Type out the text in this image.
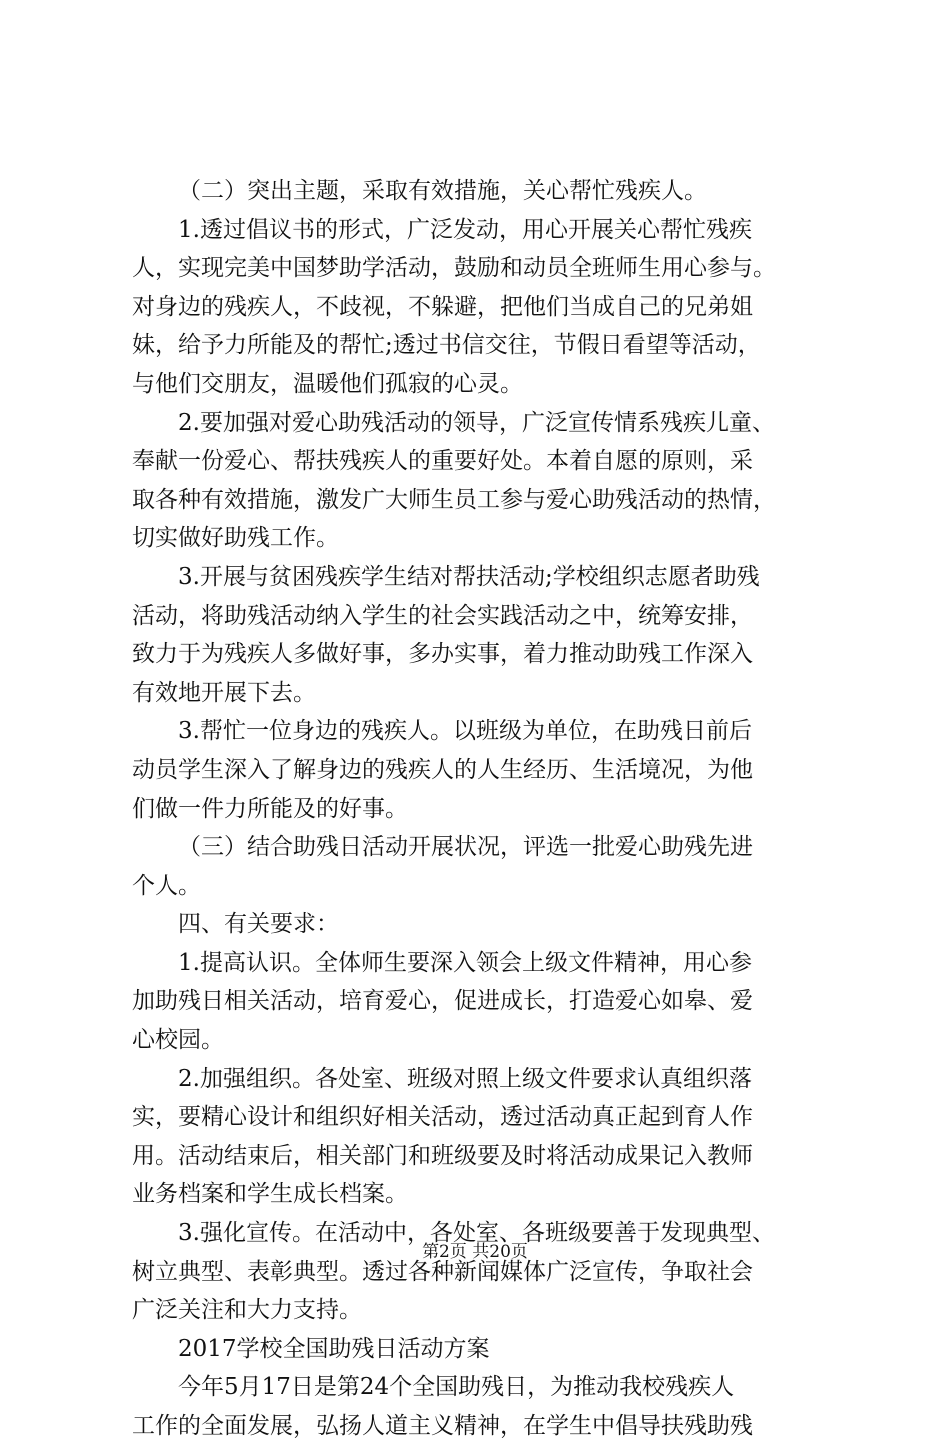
（二）突出主题，采取有效措施，关心帮忙残疾人。
1.透过倡议书的形式，广泛发动，用心开展关心帮忙残疾
人，实现完美中国梦助学活动，鼓励和动员全班师生用心参与。
对身边的残疾人，不歧视，不躲避，把他们当成自己的兄弟姐
妹，给予力所能及的帮忙;透过书信交往，节假日看望等活动，
与他们交朋友，温暖他们孤寂的心灵。
2.要加强对爱心助残活动的领导，广泛宣传情系残疾儿童、
奉献一份爱心、帮扶残疾人的重要好处。本着自愿的原则，采
取各种有效措施，激发广大师生员工参与爱心助残活动的热情，
切实做好助残工作。
3.开展与贫困残疾学生结对帮扶活动;学校组织志愿者助残
活动，将助残活动纳入学生的社会实践活动之中，统筹安排，
致力于为残疾人多做好事，多办实事，着力推动助残工作深入
有效地开展下去。
3.帮忙一位身边的残疾人。以班级为单位，在助残日前后
动员学生深入了解身边的残疾人的人生经历、生活境况，为他
们做一件力所能及的好事。
（三）结合助残日活动开展状况，评选一批爱心助残先进
个人。
四、有关要求：
1.提高认识。全体师生要深入领会上级文件精神，用心参
加助残日相关活动，培育爱心，促进成长，打造爱心如皋、爱
心校园。
2.加强组织。各处室、班级对照上级文件要求认真组织落
实，要精心设计和组织好相关活动，透过活动真正起到育人作
用。活动结束后，相关部门和班级要及时将活动成果记入教师
业务档案和学生成长档案。
3.强化宣传。在活动中，各处室、各班级要善于发现典型、
树立典型、表彰典型。透过各种新闻媒体广泛宣传，争取社会
广泛关注和大力支持。
2017学校全国助残日活动方案
今年5月17日是第24个全国助残日，为推动我校残疾人
工作的全面发展，弘扬人道主义精神，在学生中倡导扶残助残
第2页 共20页
